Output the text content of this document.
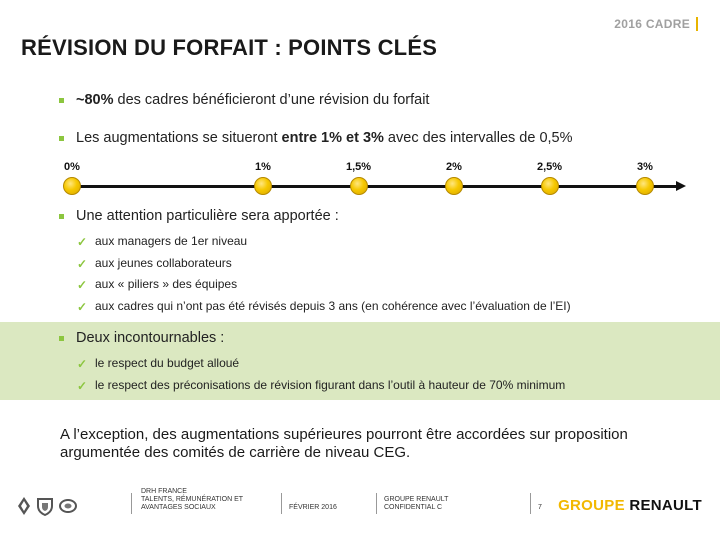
2016 CADRE
RÉVISION DU FORFAIT : POINTS CLÉS
~80% des cadres bénéficieront d’une révision du forfait
Les augmentations se situeront entre 1% et 3% avec des intervalles de 0,5%
0%	1%	1,5%	2%	2,5%	3%
Une attention particulière sera apportée :
✓ aux managers de 1er niveau
✓ aux jeunes collaborateurs
✓ aux « piliers » des équipes
✓ aux cadres qui n’ont pas été révisés depuis 3 ans (en cohérence avec l’évaluation de l’EI)
Deux incontournables :
✓ le respect du budget alloué
✓ le respect des préconisations de révision figurant dans l’outil à hauteur de 70% minimum
A l’exception, des augmentations supérieures pourront être accordées sur proposition argumentée des comités de carrière de niveau CEG.
DRH FRANCE
TALENTS, RÉMUNÉRATION ET
AVANTAGES SOCIAUX	FÉVRIER 2016
GROUPE RENAULT
CONFIDENTIAL C	7 GROUPE RENAULT
